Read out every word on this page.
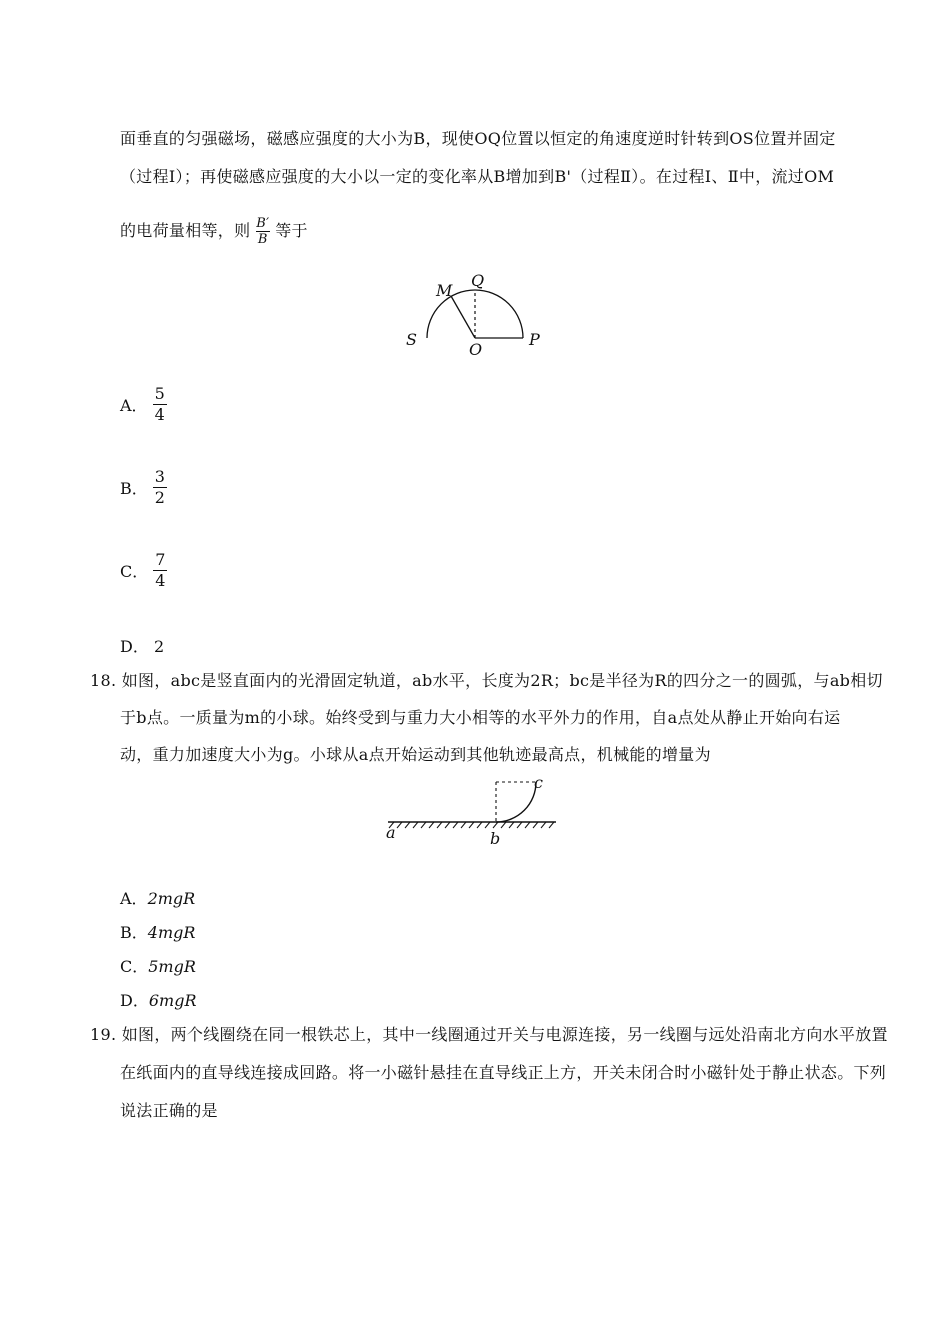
面垂直的匀强磁场，磁感应强度的大小为B，现使OQ位置以恒定的角速度逆时针转到OS位置并固定
（过程Ⅰ）；再使磁感应强度的大小以一定的变化率从B增加到B'（过程Ⅱ）。在过程Ⅰ、Ⅱ中，流过OM
的电荷量相等，则 $\frac{B'}{B}$ 等于
M
Q
S
O
P
A． $\frac{5}{4}$
B． $\frac{3}{2}$
C． $\frac{7}{4}$
D． 2
18. 如图，abc是竖直面内的光滑固定轨道，ab水平，长度为2R；bc是半径为R的四分之一的圆弧，与ab相切
于b点。一质量为m的小球。始终受到与重力大小相等的水平外力的作用，自a点处从静止开始向右运
动，重力加速度大小为g。小球从a点开始运动到其他轨迹最高点，机械能的增量为
a	b
c
A．2mgR
B．4mgR
C．5mgR
D．6mgR
19. 如图，两个线圈绕在同一根铁芯上，其中一线圈通过开关与电源连接，另一线圈与远处沿南北方向水平放置
在纸面内的直导线连接成回路。将一小磁针悬挂在直导线正上方，开关未闭合时小磁针处于静止状态。下列
说法正确的是
